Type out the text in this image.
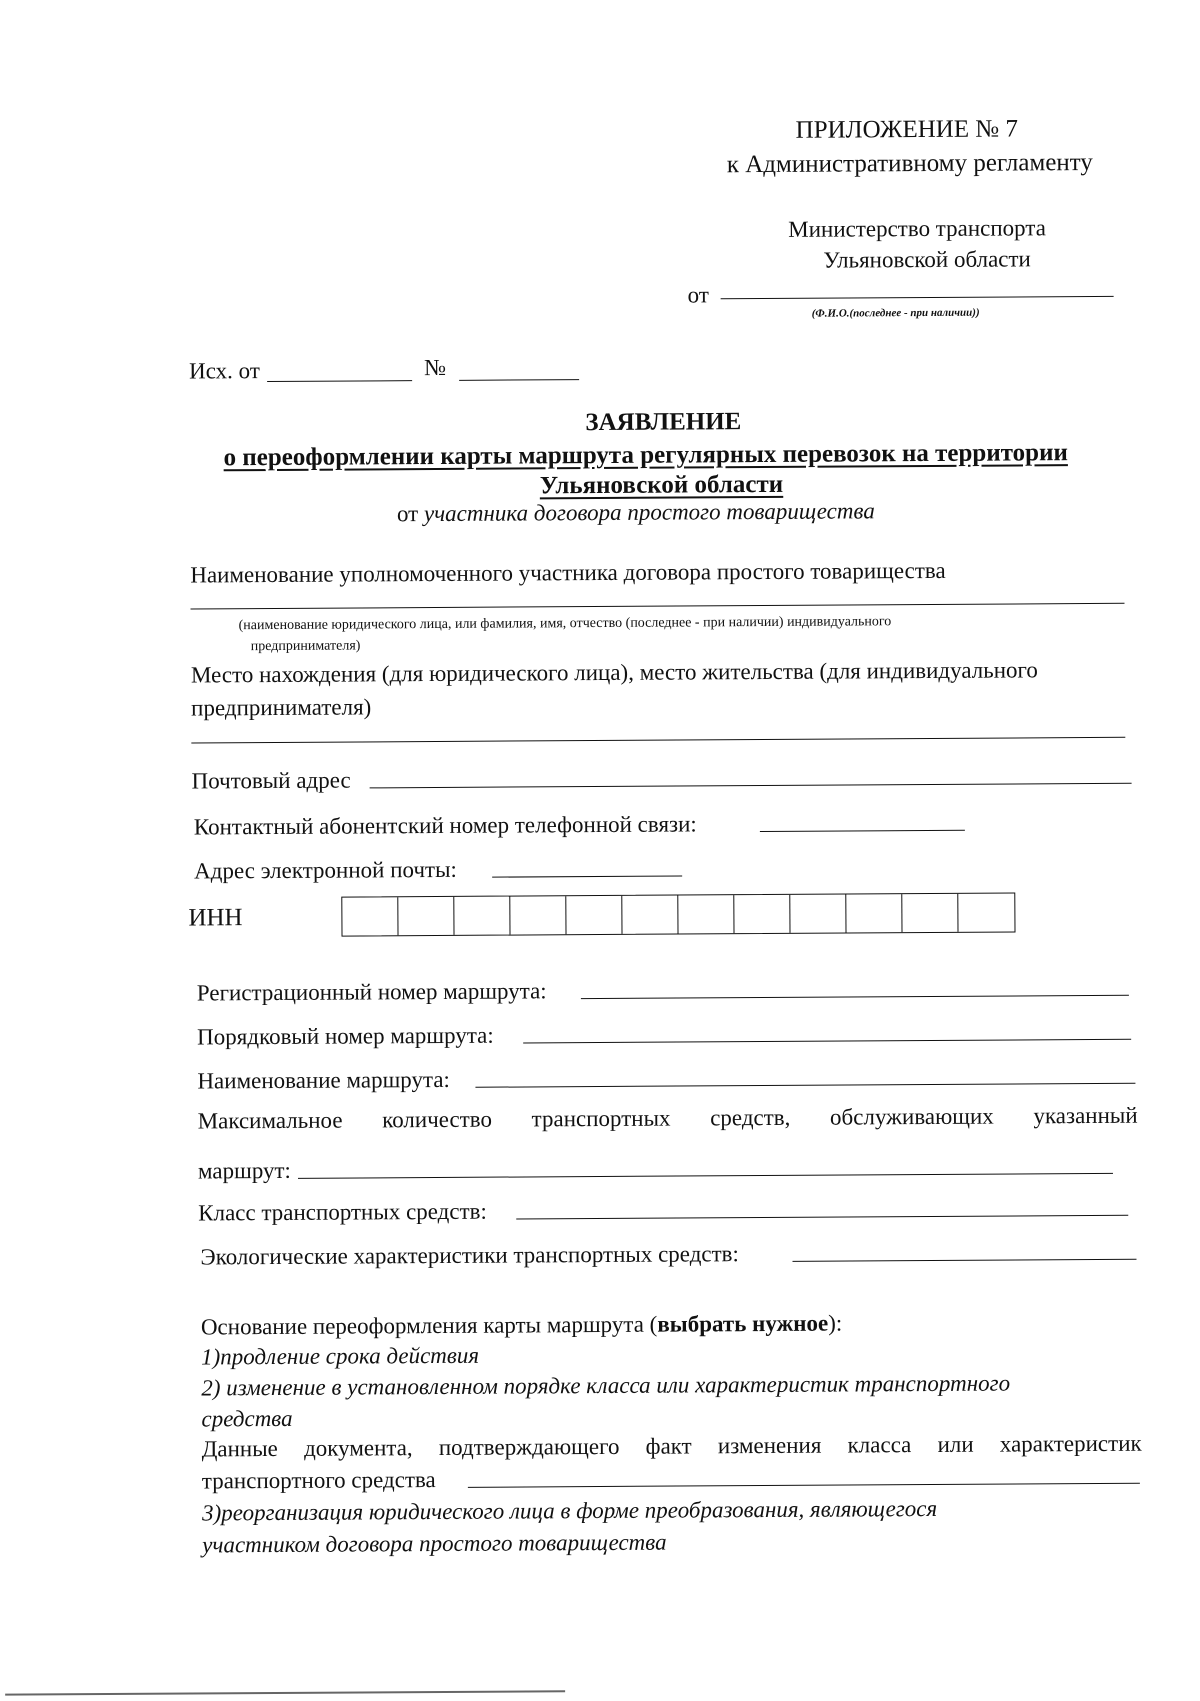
ПРИЛОЖЕНИЕ № 7
к Административному регламенту
Министерство транспорта
Ульяновской области
от
(Ф.И.О.(последнее - при наличии))
Исх. от	№
ЗАЯВЛЕНИЕ
о переоформлении карты маршрута регулярных перевозок на территории
Ульяновской области
от участника договора простого товарищества
Наименование уполномоченного участника договора простого товарищества
(наименование юридического лица, или фамилия, имя, отчество (последнее - при наличии) индивидуального
предпринимателя)
Место нахождения (для юридического лица), место жительства (для индивидуального
предпринимателя)
Почтовый адрес
Контактный абонентский номер телефонной связи:
Адрес электронной почты:
ИНН
Регистрационный номер маршрута:
Порядковый номер маршрута:
Наименование маршрута:
Максимальное количество транспортных средств, обслуживающих указанный
маршрут:
Класс транспортных средств:
Экологические характеристики транспортных средств:
Основание переоформления карты маршрута (выбрать нужное):
1)продление срока действия
2) изменение в установленном порядке класса или характеристик транспортного
средства
Данные документа, подтверждающего факт изменения класса или характеристик
транспортного средства
3)реорганизация юридического лица в форме преобразования, являющегося
участником договора простого товарищества
